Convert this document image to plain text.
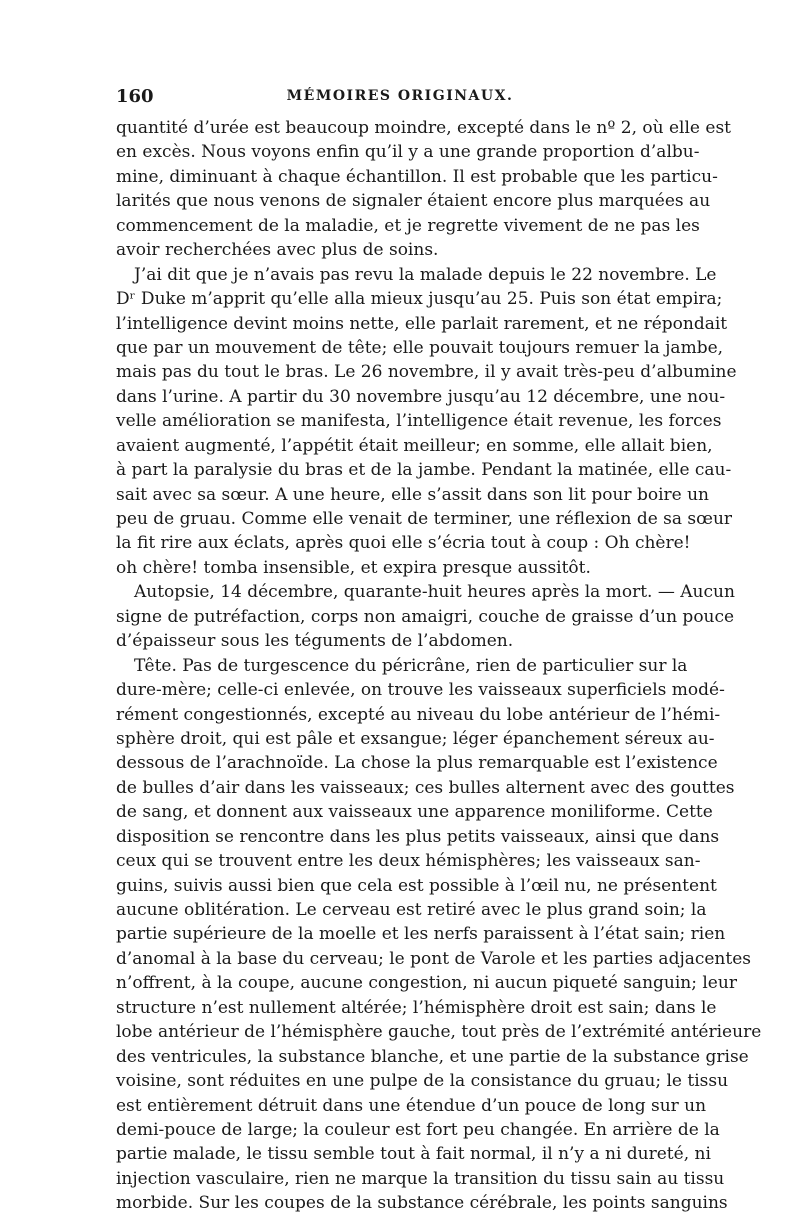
160	MÉMOIRES ORIGINAUX.
quantité d’urée est beaucoup moindre, excepté dans le nº 2, où elle est
en excès. Nous voyons enfin qu’il y a une grande proportion d’albu-
mine, diminuant à chaque échantillon. Il est probable que les particu-
larités que nous venons de signaler étaient encore plus marquées au
commencement de la maladie, et je regrette vivement de ne pas les
avoir recherchées avec plus de soins.
J’ai dit que je n’avais pas revu la malade depuis le 22 novembre. Le
Dʳ Duke m’apprit qu’elle alla mieux jusqu’au 25. Puis son état empira;
l’intelligence devint moins nette, elle parlait rarement, et ne répondait
que par un mouvement de tête; elle pouvait toujours remuer la jambe,
mais pas du tout le bras. Le 26 novembre, il y avait très-peu d’albumine
dans l’urine. A partir du 30 novembre jusqu’au 12 décembre, une nou-
velle amélioration se manifesta, l’intelligence était revenue, les forces
avaient augmenté, l’appétit était meilleur; en somme, elle allait bien,
à part la paralysie du bras et de la jambe. Pendant la matinée, elle cau-
sait avec sa sœur. A une heure, elle s’assit dans son lit pour boire un
peu de gruau. Comme elle venait de terminer, une réflexion de sa sœur
la fit rire aux éclats, après quoi elle s’écria tout à coup : Oh chère!
oh chère! tomba insensible, et expira presque aussitôt.
Autopsie, 14 décembre, quarante-huit heures après la mort. — Aucun
signe de putréfaction, corps non amaigri, couche de graisse d’un pouce
d’épaisseur sous les téguments de l’abdomen.
Tête. Pas de turgescence du péricrâne, rien de particulier sur la
dure-mère; celle-ci enlevée, on trouve les vaisseaux superficiels modé-
rément congestionnés, excepté au niveau du lobe antérieur de l’hémi-
sphère droit, qui est pâle et exsangue; léger épanchement séreux au-
dessous de l’arachnoïde. La chose la plus remarquable est l’existence
de bulles d’air dans les vaisseaux; ces bulles alternent avec des gouttes
de sang, et donnent aux vaisseaux une apparence moniliforme. Cette
disposition se rencontre dans les plus petits vaisseaux, ainsi que dans
ceux qui se trouvent entre les deux hémisphères; les vaisseaux san-
guins, suivis aussi bien que cela est possible à l’œil nu, ne présentent
aucune oblitération. Le cerveau est retiré avec le plus grand soin; la
partie supérieure de la moelle et les nerfs paraissent à l’état sain; rien
d’anomal à la base du cerveau; le pont de Varole et les parties adjacentes
n’offrent, à la coupe, aucune congestion, ni aucun piqueté sanguin; leur
structure n’est nullement altérée; l’hémisphère droit est sain; dans le
lobe antérieur de l’hémisphère gauche, tout près de l’extrémité antérieure
des ventricules, la substance blanche, et une partie de la substance grise
voisine, sont réduites en une pulpe de la consistance du gruau; le tissu
est entièrement détruit dans une étendue d’un pouce de long sur un
demi-pouce de large; la couleur est fort peu changée. En arrière de la
partie malade, le tissu semble tout à fait normal, il n’y a ni dureté, ni
injection vasculaire, rien ne marque la transition du tissu sain au tissu
morbide. Sur les coupes de la substance cérébrale, les points sanguins
